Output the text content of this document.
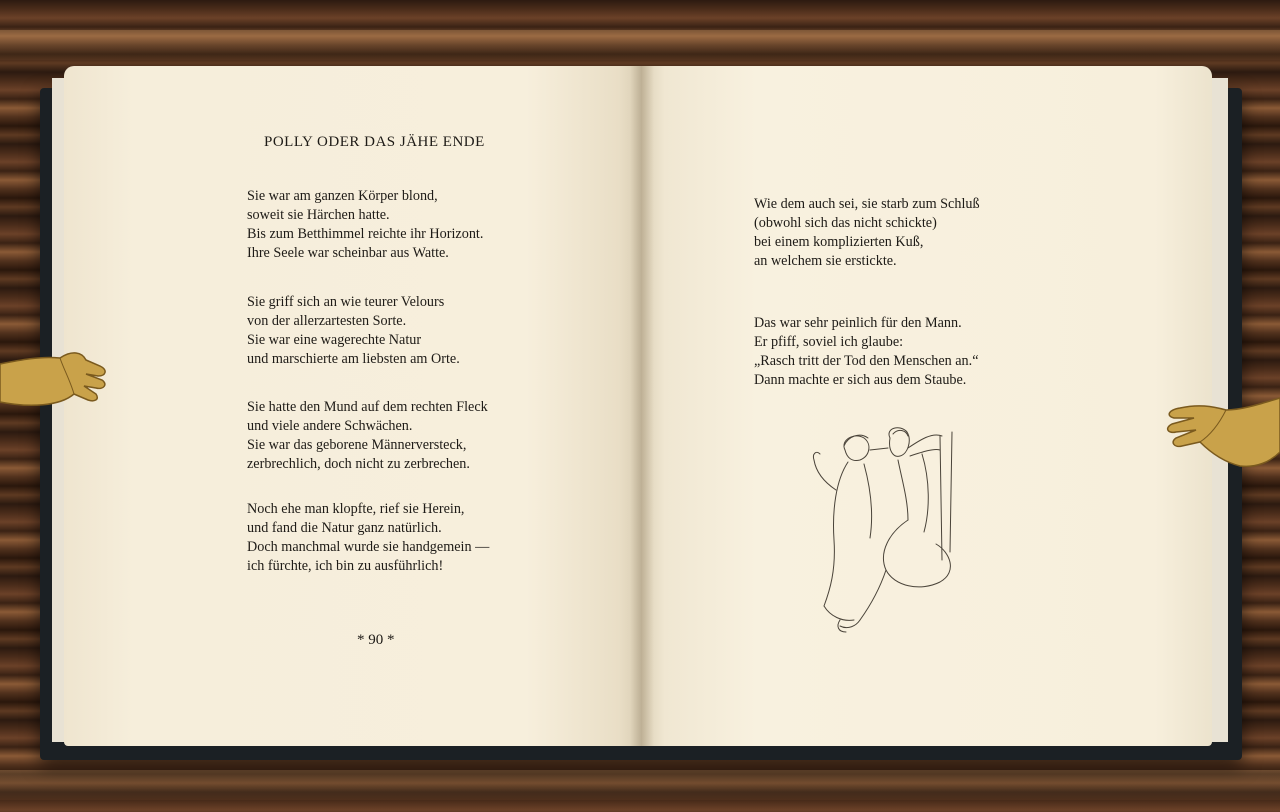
POLLY ODER DAS JÄHE ENDE

Sie war am ganzen Körper blond,
soweit sie Härchen hatte.
Bis zum Betthimmel reichte ihr Horizont.
Ihre Seele war scheinbar aus Watte.

Sie griff sich an wie teurer Velours
von der allerzartesten Sorte.
Sie war eine wagerechte Natur
und marschierte am liebsten am Orte.

Sie hatte den Mund auf dem rechten Fleck
und viele andere Schwächen.
Sie war das geborene Männerversteck,
zerbrechlich, doch nicht zu zerbrechen.

Noch ehe man klopfte, rief sie Herein,
und fand die Natur ganz natürlich.
Doch manchmal wurde sie handgemein —
ich fürchte, ich bin zu ausführlich!

* 90 *

Wie dem auch sei, sie starb zum Schluß
(obwohl sich das nicht schickte)
bei einem komplizierten Kuß,
an welchem sie erstickte.

Das war sehr peinlich für den Mann.
Er pfiff, soviel ich glaube:
„Rasch tritt der Tod den Menschen an.“
Dann machte er sich aus dem Staube.
